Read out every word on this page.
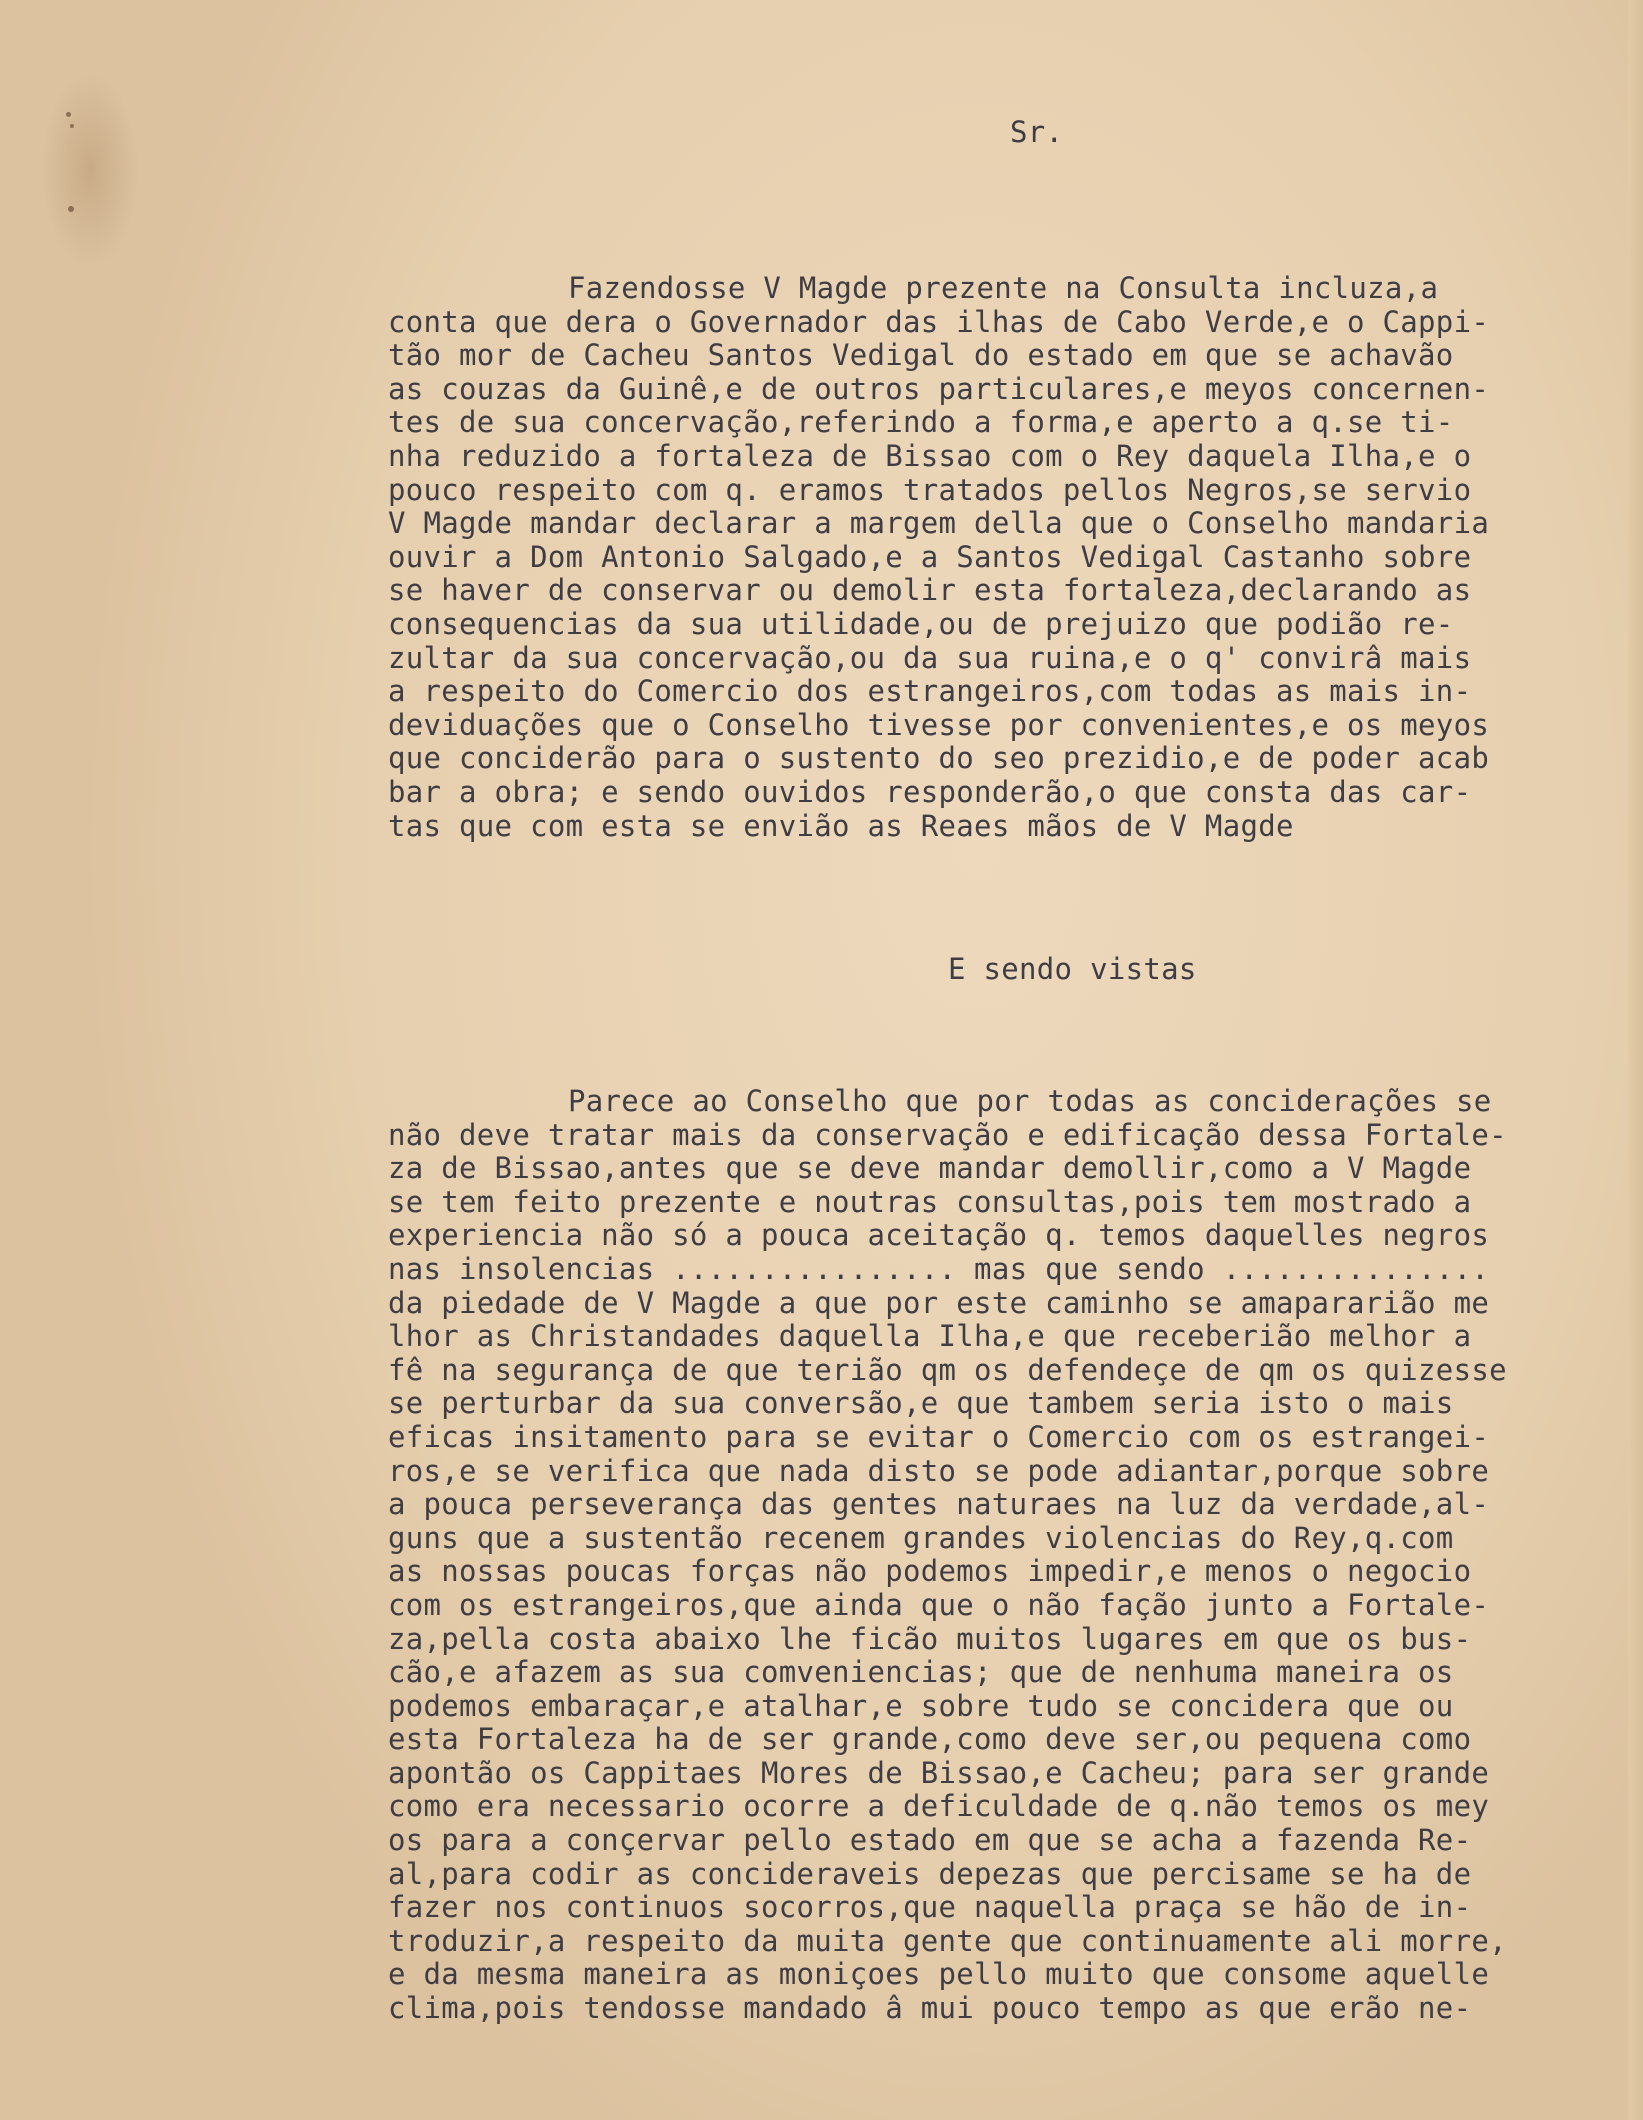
Sr.
Fazendosse V Magde prezente na Consulta incluza,a
conta que dera o Governador das ilhas de Cabo Verde,e o Cappi-
tão mor de Cacheu Santos Vedigal do estado em que se achavão
as couzas da Guinê,e de outros particulares,e meyos concernen-
tes de sua concervação,referindo a forma,e aperto a q.se ti-
nha reduzido a fortaleza de Bissao com o Rey daquela Ilha,e o
pouco respeito com q. eramos tratados pellos Negros,se servio
V Magde mandar declarar a margem della que o Conselho mandaria
ouvir a Dom Antonio Salgado,e a Santos Vedigal Castanho sobre
se haver de conservar ou demolir esta fortaleza,declarando as
consequencias da sua utilidade,ou de prejuizo que podião re-
zultar da sua concervação,ou da sua ruina,e o q' convirâ mais
a respeito do Comercio dos estrangeiros,com todas as mais in-
deviduações que o Conselho tivesse por convenientes,e os meyos
que conciderão para o sustento do seo prezidio,e de poder acab
bar a obra; e sendo ouvidos responderão,o que consta das car-
tas que com esta se envião as Reaes mãos de V Magde
E sendo vistas
Parece ao Conselho que por todas as conciderações se
não deve tratar mais da conservação e edificação dessa Fortale-
za de Bissao,antes que se deve mandar demollir,como a V Magde
se tem feito prezente e noutras consultas,pois tem mostrado a
experiencia não só a pouca aceitação q. temos daquelles negros
nas insolencias ................ mas que sendo ...............
da piedade de V Magde a que por este caminho se amapararião me
lhor as Christandades daquella Ilha,e que receberião melhor a
fê na segurança de que terião qm os defendeçe de qm os quizesse
se perturbar da sua conversão,e que tambem seria isto o mais
eficas insitamento para se evitar o Comercio com os estrangei-
ros,e se verifica que nada disto se pode adiantar,porque sobre
a pouca perseverança das gentes naturaes na luz da verdade,al-
guns que a sustentão recenem grandes violencias do Rey,q.com
as nossas poucas forças não podemos impedir,e menos o negocio
com os estrangeiros,que ainda que o não fação junto a Fortale-
za,pella costa abaixo lhe ficão muitos lugares em que os bus-
cão,e afazem as sua comveniencias; que de nenhuma maneira os
podemos embaraçar,e atalhar,e sobre tudo se concidera que ou
esta Fortaleza ha de ser grande,como deve ser,ou pequena como
apontão os Cappitaes Mores de Bissao,e Cacheu; para ser grande
como era necessario ocorre a deficuldade de q.não temos os mey
os para a conçervar pello estado em que se acha a fazenda Re-
al,para codir as concideraveis depezas que percisame se ha de
fazer nos continuos socorros,que naquella praça se hão de in-
troduzir,a respeito da muita gente que continuamente ali morre,
e da mesma maneira as moniçoes pello muito que consome aquelle
clima,pois tendosse mandado â mui pouco tempo as que erão ne-
